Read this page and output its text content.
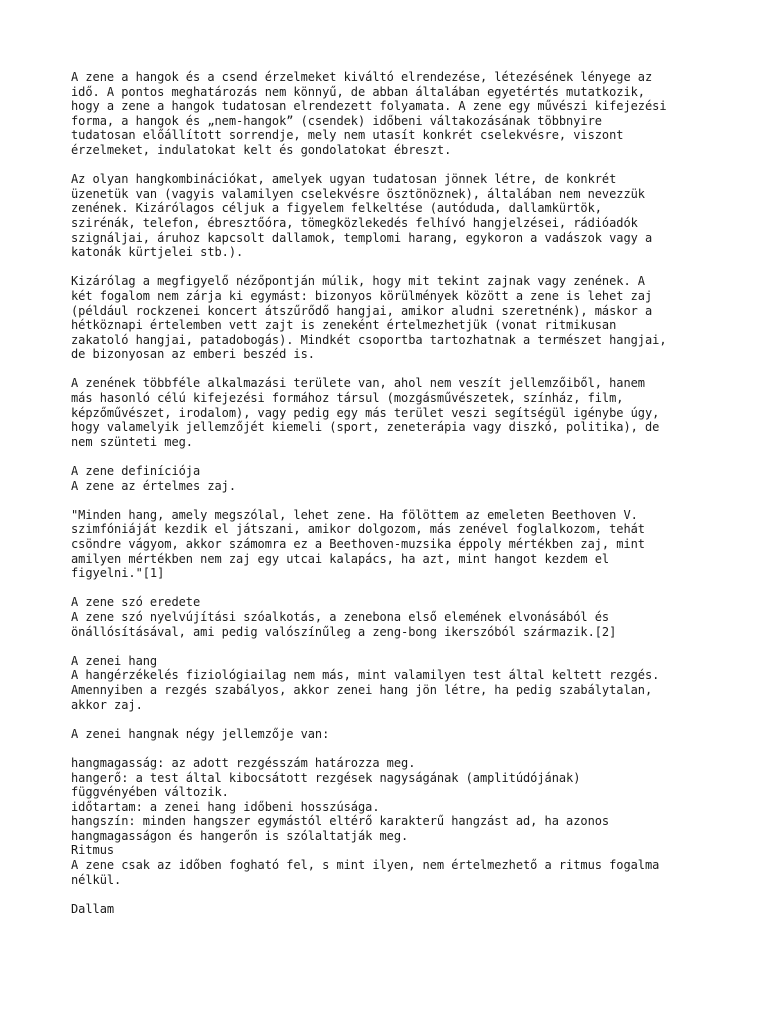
A zene a hangok és a csend érzelmeket kiváltó elrendezése, létezésének lényege az
idő. A pontos meghatározás nem könnyű, de abban általában egyetértés mutatkozik,
hogy a zene a hangok tudatosan elrendezett folyamata. A zene egy művészi kifejezési
forma, a hangok és „nem-hangok” (csendek) időbeni váltakozásának többnyire
tudatosan előállított sorrendje, mely nem utasít konkrét cselekvésre, viszont
érzelmeket, indulatokat kelt és gondolatokat ébreszt.
Az olyan hangkombinációkat, amelyek ugyan tudatosan jönnek létre, de konkrét
üzenetük van (vagyis valamilyen cselekvésre ösztönöznek), általában nem nevezzük
zenének. Kizárólagos céljuk a figyelem felkeltése (autóduda, dallamkürtök,
szirénák, telefon, ébresztőóra, tömegközlekedés felhívó hangjelzései, rádióadók
szignáljai, áruhoz kapcsolt dallamok, templomi harang, egykoron a vadászok vagy a
katonák kürtjelei stb.).
Kizárólag a megfigyelő nézőpontján múlik, hogy mit tekint zajnak vagy zenének. A
két fogalom nem zárja ki egymást: bizonyos körülmények között a zene is lehet zaj
(például rockzenei koncert átszűrődő hangjai, amikor aludni szeretnénk), máskor a
hétköznapi értelemben vett zajt is zeneként értelmezhetjük (vonat ritmikusan
zakatoló hangjai, patadobogás). Mindkét csoportba tartozhatnak a természet hangjai,
de bizonyosan az emberi beszéd is.
A zenének többféle alkalmazási területe van, ahol nem veszít jellemzőiből, hanem
más hasonló célú kifejezési formához társul (mozgásművészetek, színház, film,
képzőművészet, irodalom), vagy pedig egy más terület veszi segítségül igénybe úgy,
hogy valamelyik jellemzőjét kiemeli (sport, zeneterápia vagy diszkó, politika), de
nem szünteti meg.
A zene definíciója
A zene az értelmes zaj.
"Minden hang, amely megszólal, lehet zene. Ha fölöttem az emeleten Beethoven V.
szimfóniáját kezdik el játszani, amikor dolgozom, más zenével foglalkozom, tehát
csöndre vágyom, akkor számomra ez a Beethoven-muzsika éppoly mértékben zaj, mint
amilyen mértékben nem zaj egy utcai kalapács, ha azt, mint hangot kezdem el
figyelni."[1]
A zene szó eredete
A zene szó nyelvújítási szóalkotás, a zenebona első elemének elvonásából és
önállósításával, ami pedig valószínűleg a zeng-bong ikerszóból származik.[2]
A zenei hang
A hangérzékelés fiziológiailag nem más, mint valamilyen test által keltett rezgés.
Amennyiben a rezgés szabályos, akkor zenei hang jön létre, ha pedig szabálytalan,
akkor zaj.
A zenei hangnak négy jellemzője van:
hangmagasság: az adott rezgésszám határozza meg.
hangerő: a test által kibocsátott rezgések nagyságának (amplitúdójának)
függvényében változik.
időtartam: a zenei hang időbeni hosszúsága.
hangszín: minden hangszer egymástól eltérő karakterű hangzást ad, ha azonos
hangmagasságon és hangerőn is szólaltatják meg.
Ritmus
A zene csak az időben fogható fel, s mint ilyen, nem értelmezhető a ritmus fogalma
nélkül.
Dallam
